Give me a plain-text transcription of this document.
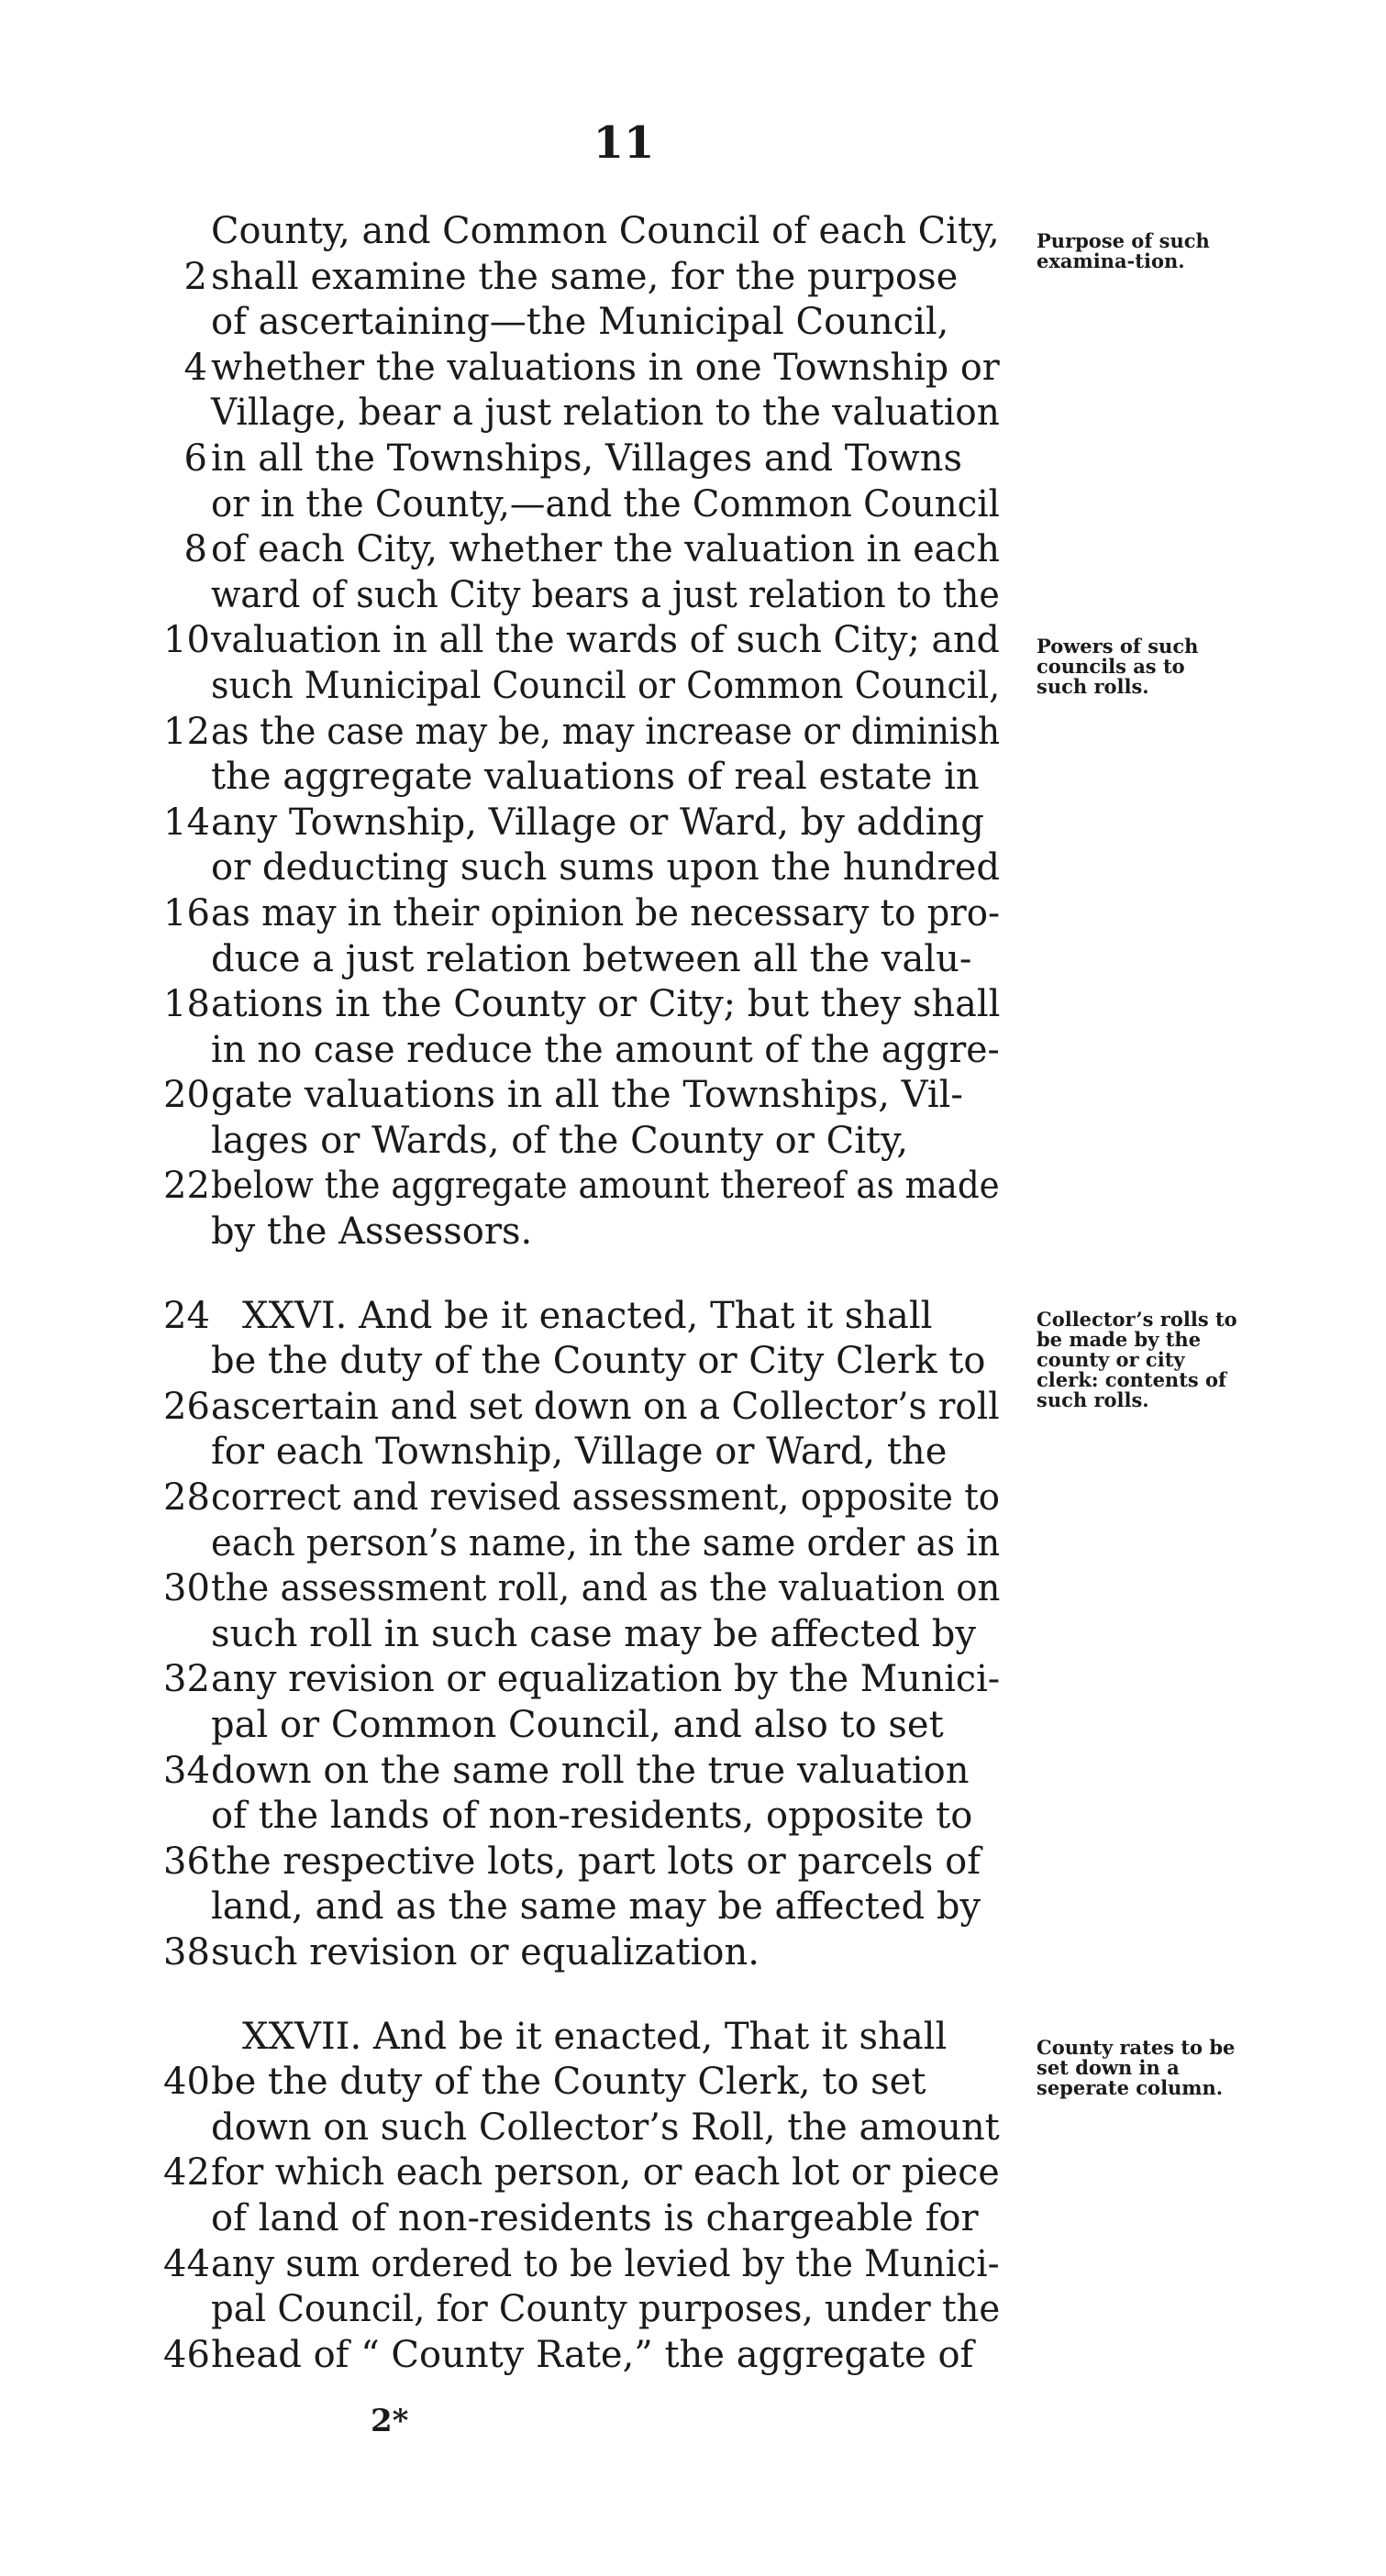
11
County, and Common Council of each City,
2 shall examine the same, for the purpose
of ascertaining—the Municipal Council,
4 whether the valuations in one Township or
Village, bear a just relation to the valuation
6 in all the Townships, Villages and Towns
or in the County,—and the Common Council
8 of each City, whether the valuation in each
ward of such City bears a just relation to the
10 valuation in all the wards of such City; and
such Municipal Council or Common Council,
12 as the case may be, may increase or diminish
the aggregate valuations of real estate in
14 any Township, Village or Ward, by adding
or deducting such sums upon the hundred
16 as may in their opinion be necessary to pro-
duce a just relation between all the valu-
18 ations in the County or City; but they shall
in no case reduce the amount of the aggre-
20 gate valuations in all the Townships, Vil-
lages or Wards, of the County or City,
22 below the aggregate amount thereof as made
by the Assessors.
24 XXVI. And be it enacted, That it shall
be the duty of the County or City Clerk to
26 ascertain and set down on a Collector’s roll
for each Township, Village or Ward, the
28 correct and revised assessment, opposite to
each person’s name, in the same order as in
30 the assessment roll, and as the valuation on
such roll in such case may be affected by
32 any revision or equalization by the Munici-
pal or Common Council, and also to set
34 down on the same roll the true valuation
of the lands of non-residents, opposite to
36 the respective lots, part lots or parcels of
land, and as the same may be affected by
38 such revision or equalization.
XXVII. And be it enacted, That it shall
40 be the duty of the County Clerk, to set
down on such Collector’s Roll, the amount
42 for which each person, or each lot or piece
of land of non-residents is chargeable for
44 any sum ordered to be levied by the Munici-
pal Council, for County purposes, under the
46 head of “ County Rate,” the aggregate of
Purpose of such examina-tion.
Powers of such councils as to such rolls.
Collector’s rolls to be made by the county or city clerk: contents of such rolls.
County rates to be set down in a seperate column.
2*
